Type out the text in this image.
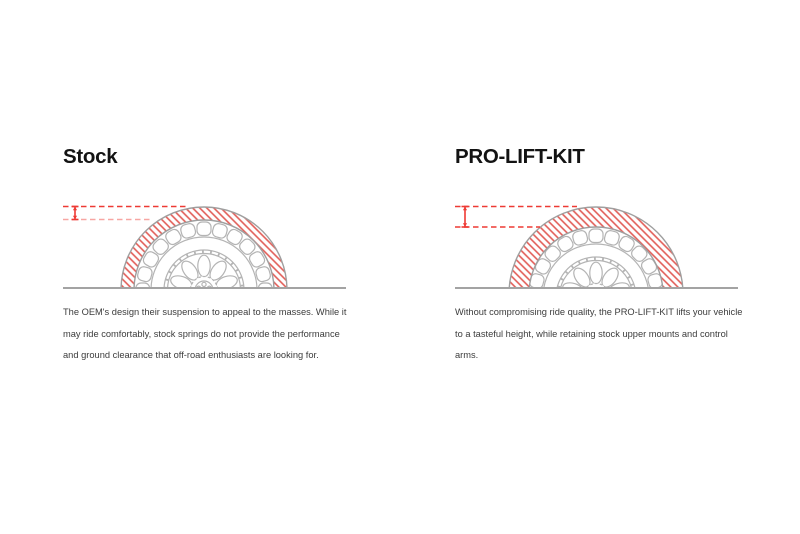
Stock
The OEM's design their suspension to appeal to the masses. While it
may ride comfortably, stock springs do not provide the performance
and ground clearance that off-road enthusiasts are looking for.
PRO-LIFT-KIT
Without compromising ride quality, the PRO-LIFT-KIT lifts your vehicle
to a tasteful height, while retaining stock upper mounts and control
arms.
